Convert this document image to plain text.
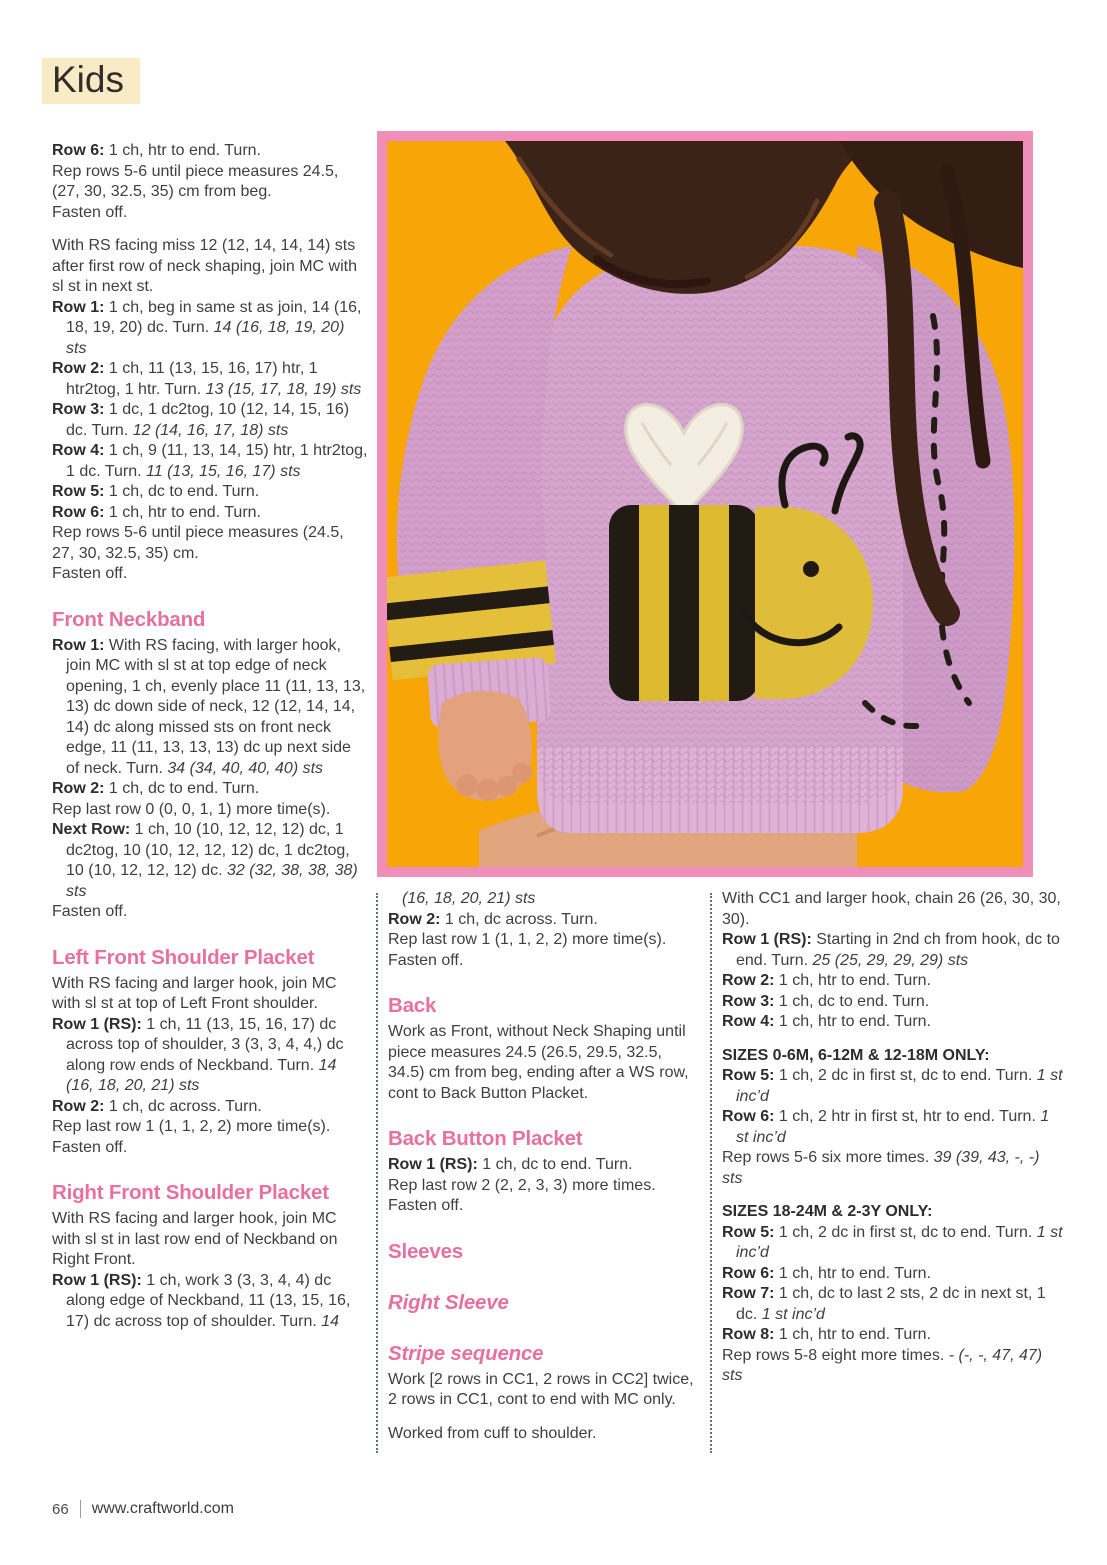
Kids

Row 6: 1 ch, htr to end. Turn.

Rep rows 5-6 until piece measures 24.5, (27, 30, 32.5, 35) cm from beg.

Fasten off.

With RS facing miss 12 (12, 14, 14, 14) sts after first row of neck shaping, join MC with sl st in next st.

Row 1: 1 ch, beg in same st as join, 14 (16, 18, 19, 20) dc. Turn. 14 (16, 18, 19, 20) sts

Row 2: 1 ch, 11 (13, 15, 16, 17) htr, 1 htr2tog, 1 htr. Turn. 13 (15, 17, 18, 19) sts

Row 3: 1 dc, 1 dc2tog, 10 (12, 14, 15, 16) dc. Turn. 12 (14, 16, 17, 18) sts

Row 4: 1 ch, 9 (11, 13, 14, 15) htr, 1 htr2tog, 1 dc. Turn. 11 (13, 15, 16, 17) sts

Row 5: 1 ch, dc to end. Turn.

Row 6: 1 ch, htr to end. Turn.

Rep rows 5-6 until piece measures (24.5, 27, 30, 32.5, 35) cm.

Fasten off.

Front Neckband

Row 1: With RS facing, with larger hook, join MC with sl st at top edge of neck opening, 1 ch, evenly place 11 (11, 13, 13, 13) dc down side of neck, 12 (12, 14, 14, 14) dc along missed sts on front neck edge, 11 (11, 13, 13, 13) dc up next side of neck. Turn. 34 (34, 40, 40, 40) sts

Row 2: 1 ch, dc to end. Turn.

Rep last row 0 (0, 0, 1, 1) more time(s).

Next Row: 1 ch, 10 (10, 12, 12, 12) dc, 1 dc2tog, 10 (10, 12, 12, 12) dc, 1 dc2tog, 10 (10, 12, 12, 12) dc. 32 (32, 38, 38, 38) sts

Fasten off.

Left Front Shoulder Placket

With RS facing and larger hook, join MC with sl st at top of Left Front shoulder.

Row 1 (RS): 1 ch, 11 (13, 15, 16, 17) dc across top of shoulder, 3 (3, 3, 4, 4,) dc along row ends of Neckband. Turn. 14 (16, 18, 20, 21) sts

Row 2: 1 ch, dc across. Turn.

Rep last row 1 (1, 1, 2, 2) more time(s).

Fasten off.

Right Front Shoulder Placket

With RS facing and larger hook, join MC with sl st in last row end of Neckband on Right Front.

Row 1 (RS): 1 ch, work 3 (3, 3, 4, 4) dc along edge of Neckband, 11 (13, 15, 16, 17) dc across top of shoulder. Turn. 14

(16, 18, 20, 21) sts

Row 2: 1 ch, dc across. Turn.

Rep last row 1 (1, 1, 2, 2) more time(s).

Fasten off.

Back

Work as Front, without Neck Shaping until piece measures 24.5 (26.5, 29.5, 32.5, 34.5) cm from beg, ending after a WS row, cont to Back Button Placket.

Back Button Placket

Row 1 (RS): 1 ch, dc to end. Turn.

Rep last row 2 (2, 2, 3, 3) more times.

Fasten off.

Sleeves
Right Sleeve
Stripe sequence

Work [2 rows in CC1, 2 rows in CC2] twice, 2 rows in CC1, cont to end with MC only.

Worked from cuff to shoulder.

With CC1 and larger hook, chain 26 (26, 30, 30, 30).

Row 1 (RS): Starting in 2nd ch from hook, dc to end. Turn. 25 (25, 29, 29, 29) sts

Row 2: 1 ch, htr to end. Turn.

Row 3: 1 ch, dc to end. Turn.

Row 4: 1 ch, htr to end. Turn.

SIZES 0-6M, 6-12M & 12-18M ONLY:

Row 5: 1 ch, 2 dc in first st, dc to end. Turn. 1 st inc’d

Row 6: 1 ch, 2 htr in first st, htr to end. Turn. 1 st inc’d

Rep rows 5-6 six more times. 39 (39, 43, -, -) sts

SIZES 18-24M & 2-3Y ONLY:

Row 5: 1 ch, 2 dc in first st, dc to end. Turn. 1 st inc’d

Row 6: 1 ch, htr to end. Turn.

Row 7: 1 ch, dc to last 2 sts, 2 dc in next st, 1 dc. 1 st inc’d

Row 8: 1 ch, htr to end. Turn.

Rep rows 5-8 eight more times. - (-, -, 47, 47) sts

66 www.craftworld.com
